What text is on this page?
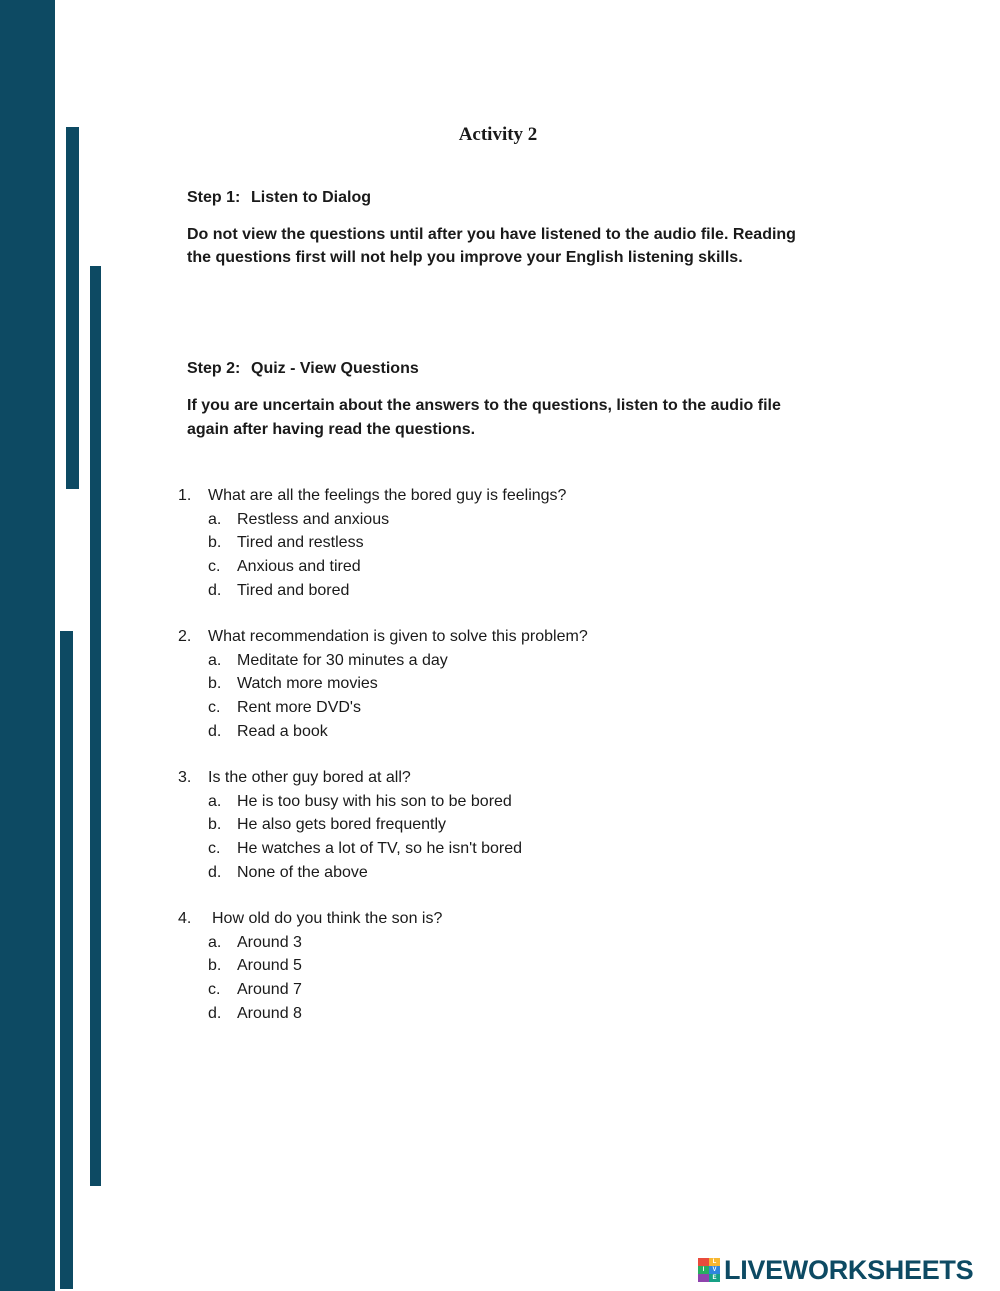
Activity 2
Step 1: Listen to Dialog
Do not view the questions until after you have listened to the audio file. Reading
the questions first will not help you improve your English listening skills.
Step 2: Quiz - View Questions
If you are uncertain about the answers to the questions, listen to the audio file
again after having read the questions.
1. What are all the feelings the bored guy is feelings?
a. Restless and anxious
b. Tired and restless
c. Anxious and tired
d. Tired and bored
2. What recommendation is given to solve this problem?
a. Meditate for 30 minutes a day
b. Watch more movies
c. Rent more DVD's
d. Read a book
3. Is the other guy bored at all?
a. He is too busy with his son to be bored
b. He also gets bored frequently
c. He watches a lot of TV, so he isn't bored
d. None of the above
4. How old do you think the son is?
a. Around 3
b. Around 5
c. Around 7
d. Around 8
L
I	V
E LIVEWORKSHEETS
